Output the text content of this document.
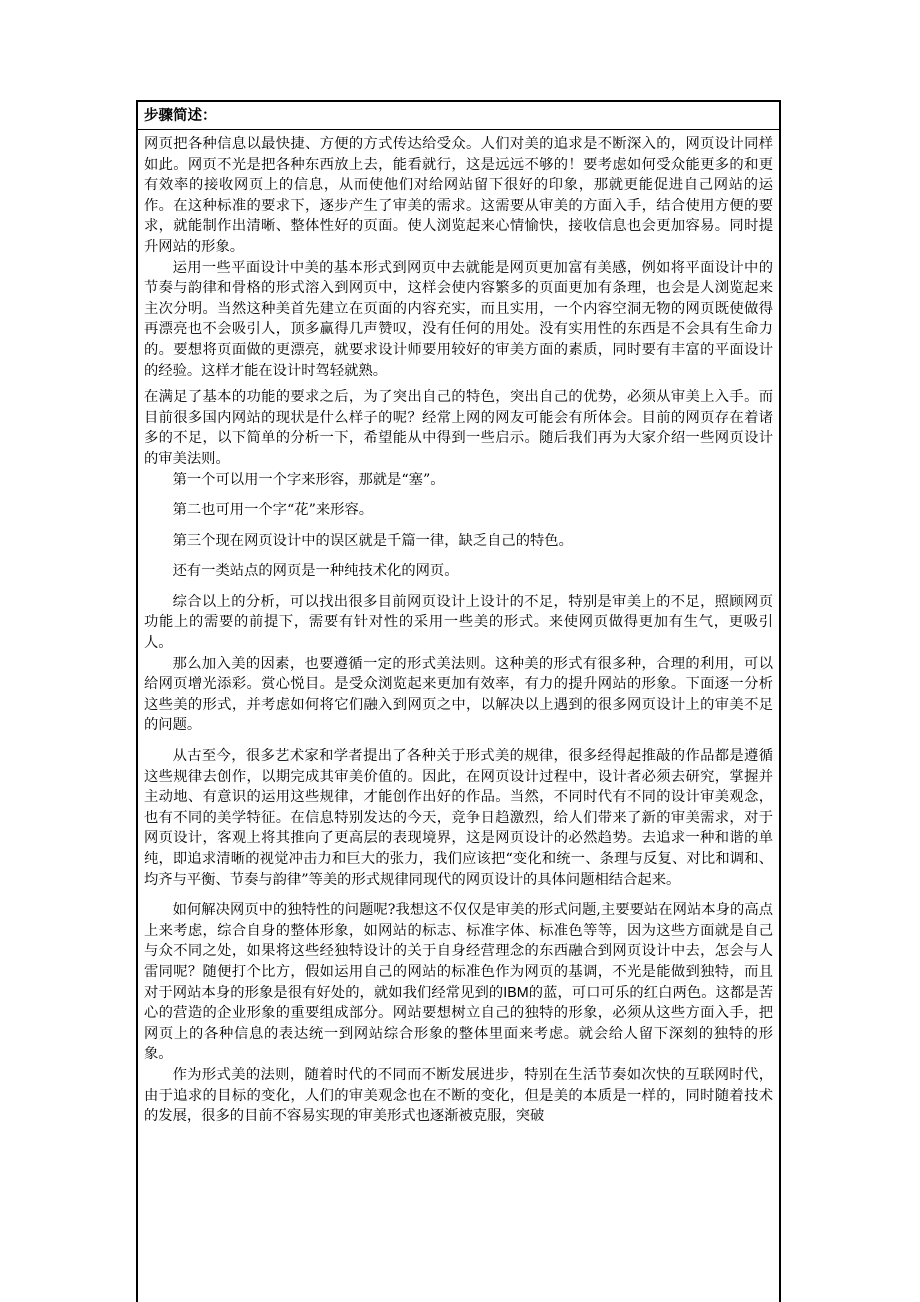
步骤简述：

网页把各种信息以最快捷、方便的方式传达给受众。人们对美的追求是不断深入的，网页设计同样如此。网页不光是把各种东西放上去，能看就行，这是远远不够的！要考虑如何受众能更多的和更有效率的接收网页上的信息，从而使他们对给网站留下很好的印象，那就更能促进自己网站的运作。在这种标准的要求下，逐步产生了审美的需求。这需要从审美的方面入手，结合使用方便的要求，就能制作出清晰、整体性好的页面。使人浏览起来心情愉快，接收信息也会更加容易。同时提升网站的形象。

运用一些平面设计中美的基本形式到网页中去就能是网页更加富有美感，例如将平面设计中的节奏与韵律和骨格的形式溶入到网页中，这样会使内容繁多的页面更加有条理，也会是人浏览起来主次分明。当然这种美首先建立在页面的内容充实，而且实用，一个内容空洞无物的网页既使做得再漂亮也不会吸引人，顶多赢得几声赞叹，没有任何的用处。没有实用性的东西是不会具有生命力的。要想将页面做的更漂亮，就要求设计师要用较好的审美方面的素质，同时要有丰富的平面设计的经验。这样才能在设计时驾轻就熟。

在满足了基本的功能的要求之后，为了突出自己的特色，突出自己的优势，必须从审美上入手。而目前很多国内网站的现状是什么样子的呢？经常上网的网友可能会有所体会。目前的网页存在着诸多的不足，以下简单的分析一下，希望能从中得到一些启示。随后我们再为大家介绍一些网页设计的审美法则。

第一个可以用一个字来形容，那就是“塞”。

第二也可用一个字“花”来形容。

第三个现在网页设计中的误区就是千篇一律，缺乏自己的特色。

还有一类站点的网页是一种纯技术化的网页。

综合以上的分析，可以找出很多目前网页设计上设计的不足，特别是审美上的不足，照顾网页功能上的需要的前提下，需要有针对性的采用一些美的形式。来使网页做得更加有生气，更吸引人。

那么加入美的因素，也要遵循一定的形式美法则。这种美的形式有很多种，合理的利用，可以给网页增光添彩。赏心悦目。是受众浏览起来更加有效率，有力的提升网站的形象。下面逐一分析这些美的形式，并考虑如何将它们融入到网页之中，以解决以上遇到的很多网页设计上的审美不足的问题。

从古至今，很多艺术家和学者提出了各种关于形式美的规律，很多经得起推敲的作品都是遵循这些规律去创作，以期完成其审美价值的。因此，在网页设计过程中，设计者必须去研究，掌握并主动地、有意识的运用这些规律，才能创作出好的作品。当然，不同时代有不同的设计审美观念，也有不同的美学特征。在信息特别发达的今天，竞争日趋激烈，给人们带来了新的审美需求，对于网页设计，客观上将其推向了更高层的表现境界，这是网页设计的必然趋势。去追求一种和谐的单纯，即追求清晰的视觉冲击力和巨大的张力，我们应该把“变化和统一、条理与反复、对比和调和、均齐与平衡、节奏与韵律”等美的形式规律同现代的网页设计的具体问题相结合起来。

如何解决网页中的独特性的问题呢?我想这不仅仅是审美的形式问题,主要要站在网站本身的高点上来考虑，综合自身的整体形象，如网站的标志、标准字体、标准色等等，因为这些方面就是自己与众不同之处，如果将这些经独特设计的关于自身经营理念的东西融合到网页设计中去，怎会与人雷同呢？随便打个比方，假如运用自己的网站的标准色作为网页的基调，不光是能做到独特，而且对于网站本身的形象是很有好处的，就如我们经常见到的IBM的蓝，可口可乐的红白两色。这都是苦心的营造的企业形象的重要组成部分。网站要想树立自己的独特的形象，必须从这些方面入手，把网页上的各种信息的表达统一到网站综合形象的整体里面来考虑。就会给人留下深刻的独特的形象。

作为形式美的法则，随着时代的不同而不断发展进步，特别在生活节奏如次快的互联网时代，由于追求的目标的变化，人们的审美观念也在不断的变化，但是美的本质是一样的，同时随着技术的发展，很多的目前不容易实现的审美形式也逐渐被克服，突破
